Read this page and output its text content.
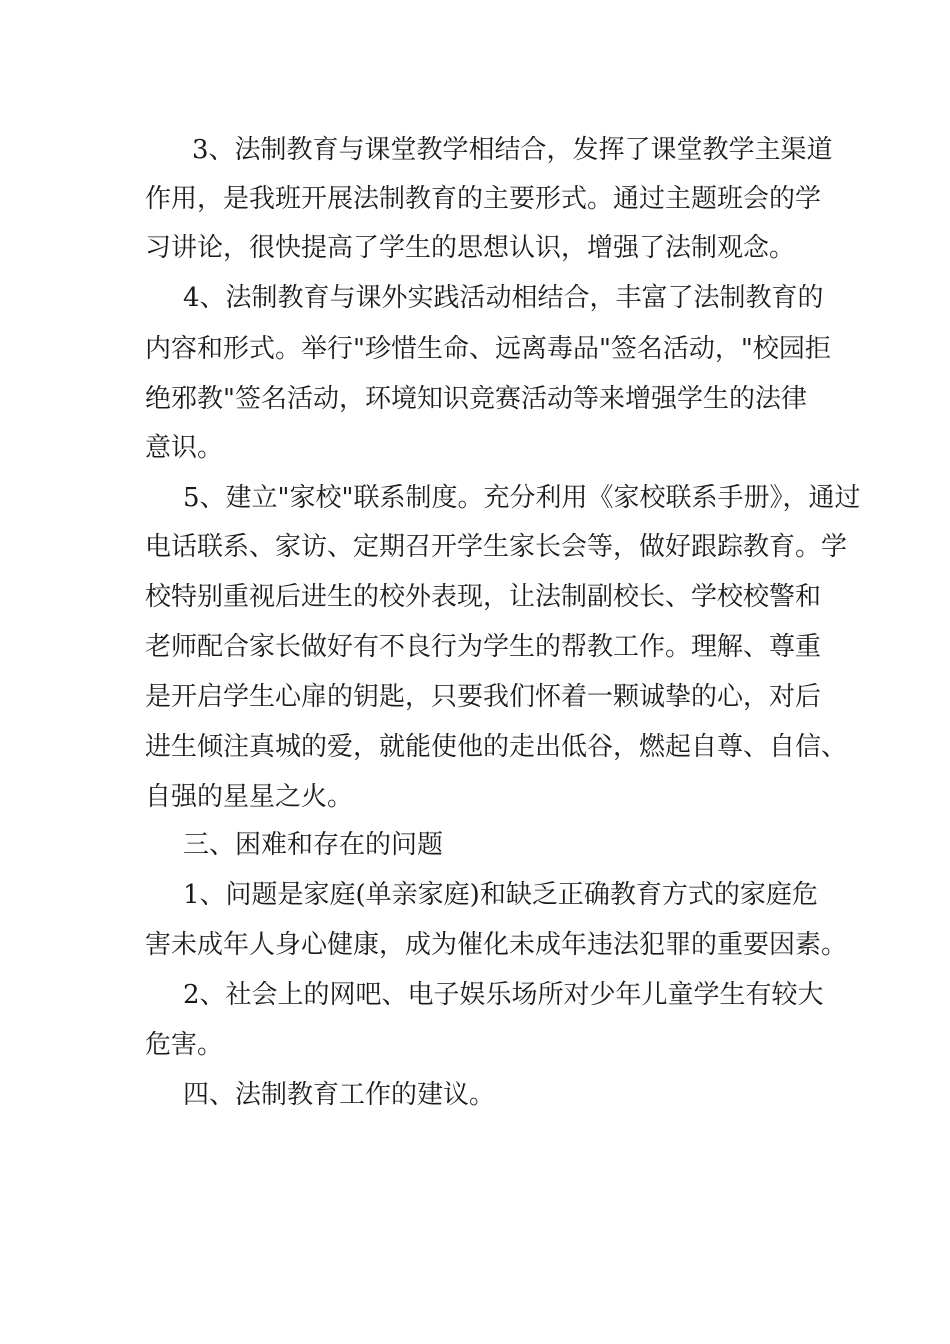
3、法制教育与课堂教学相结合，发挥了课堂教学主渠道

作用，是我班开展法制教育的主要形式。通过主题班会的学

习讲论，很快提高了学生的思想认识，增强了法制观念。

4、法制教育与课外实践活动相结合，丰富了法制教育的

内容和形式。举行"珍惜生命、远离毒品"签名活动，"校园拒

绝邪教"签名活动，环境知识竞赛活动等来增强学生的法律

意识。

5、建立"家校"联系制度。充分利用《家校联系手册》，通过

电话联系、家访、定期召开学生家长会等，做好跟踪教育。学

校特别重视后进生的校外表现，让法制副校长、学校校警和

老师配合家长做好有不良行为学生的帮教工作。理解、尊重

是开启学生心扉的钥匙，只要我们怀着一颗诚挚的心，对后

进生倾注真城的爱，就能使他的走出低谷，燃起自尊、自信、

自强的星星之火。

三、困难和存在的问题

1、问题是家庭(单亲家庭)和缺乏正确教育方式的家庭危

害未成年人身心健康，成为催化未成年违法犯罪的重要因素。

2、社会上的网吧、电子娱乐场所对少年儿童学生有较大

危害。

四、法制教育工作的建议。
